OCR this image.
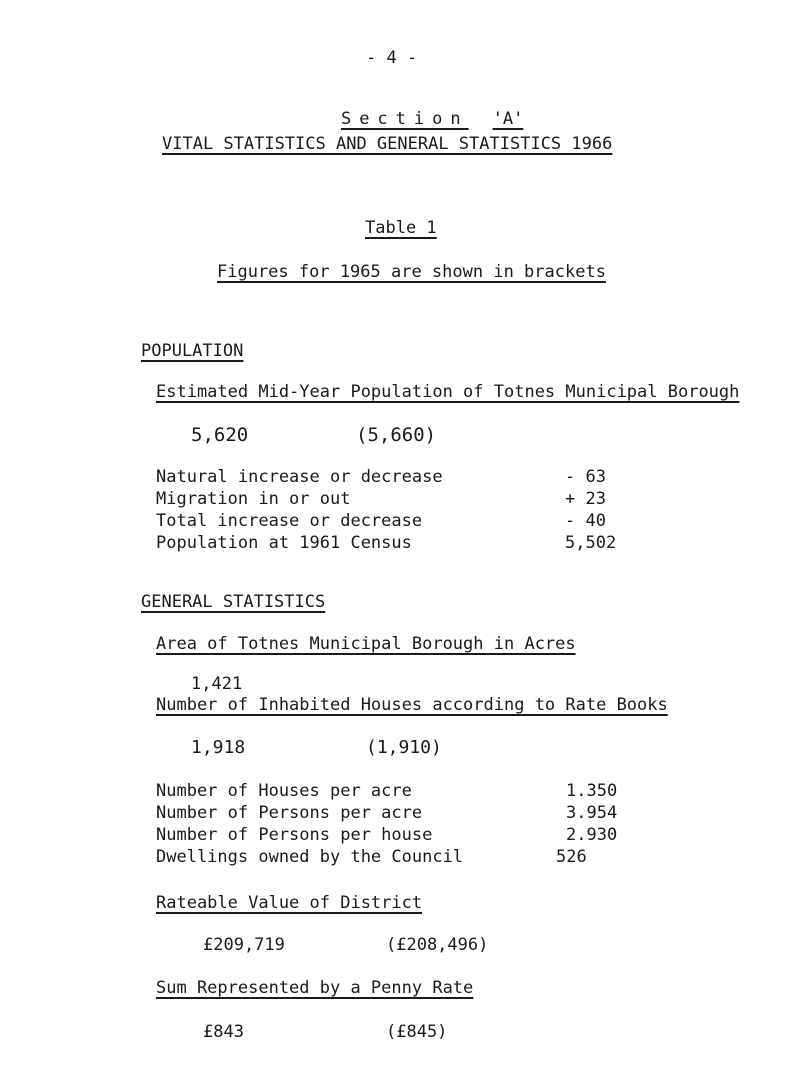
- 4 -

Section 'A'

VITAL STATISTICS AND GENERAL STATISTICS 1966
Table 1
Figures for 1965 are shown in brackets
POPULATION
Estimated Mid-Year Population of Totnes Municipal Borough
5,620	(5,660)
Natural increase or decrease	- 63
Migration in or out	+ 23
Total increase or decrease	- 40
Population at 1961 Census	5,502
GENERAL STATISTICS
Area of Totnes Municipal Borough in Acres
1,421
Number of Inhabited Houses according to Rate Books
1,918	(1,910)
Number of Houses per acre	1.350
Number of Persons per acre	3.954
Number of Persons per house	2.930
Dwellings owned by the Council	526
Rateable Value of District
£209,719	(£208,496)
Sum Represented by a Penny Rate
£843	(£845)
